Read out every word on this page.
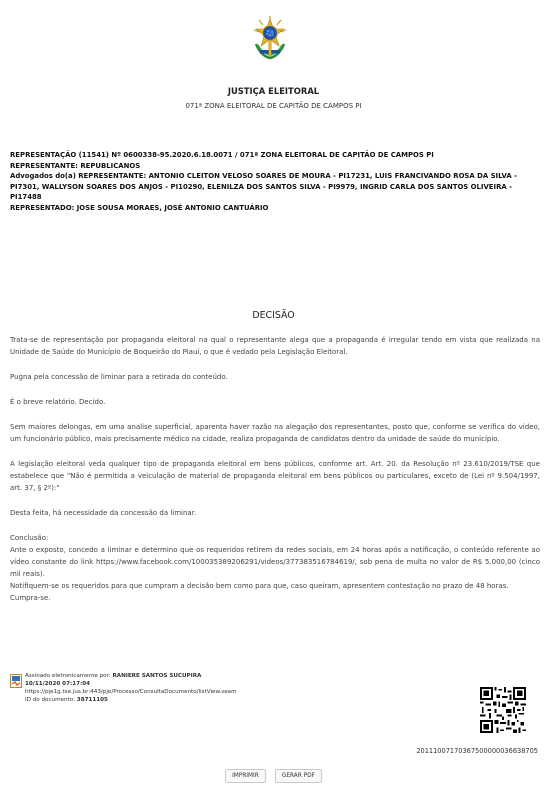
JUSTIÇA ELEITORAL
071ª ZONA ELEITORAL DE CAPITÃO DE CAMPOS PI
REPRESENTAÇÃO (11541) Nº 0600338-95.2020.6.18.0071 / 071ª ZONA ELEITORAL DE CAPITÃO DE CAMPOS PI
REPRESENTANTE: REPUBLICANOS
Advogados do(a) REPRESENTANTE: ANTONIO CLEITON VELOSO SOARES DE MOURA - PI17231, LUIS FRANCIVANDO ROSA DA SILVA - PI7301, WALLYSON SOARES DOS ANJOS - PI10290, ELENILZA DOS SANTOS SILVA - PI9979, INGRID CARLA DOS SANTOS OLIVEIRA - PI17488
REPRESENTADO: JOSE SOUSA MORAES, JOSÉ ANTONIO CANTUÁRIO
DECISÃO

Trata-se de representação por propaganda eleitoral na qual o representante alega que a propaganda é irregular tendo em vista que realizada na Unidade de Saúde do Município de Boqueirão do Piauí, o que é vedado pela Legislação Eleitoral.

Pugna pela concessão de liminar para a retirada do conteúdo.

É o breve relatório. Decido.

Sem maiores delongas, em uma analise superficial, aparenta haver razão na alegação dos representantes, posto que, conforme se verifica do vídeo, um funcionário público, mais precisamente médico na cidade, realiza propaganda de candidatos dentro da unidade de saúde do município.

A legislação eleitoral veda qualquer tipo de propaganda eleitoral em bens públicos, conforme art. Art. 20. da Resolução nº 23.610/2019/TSE que estabelece que "Não é permitida a veiculação de material de propaganda eleitoral em bens públicos ou particulares, exceto de (Lei nº 9.504/1997, art. 37, § 2º):"

Desta feita, há necessidade da concessão da liminar.

Conclusão:

Ante o exposto, concedo a liminar e determino que os requeridos retirem da redes sociais, em 24 horas após a notificação, o conteúdo referente ao vídeo constante do link https://www.facebook.com/100035389206291/videos/377383516784619/, sob pena de multa no valor de R$ 5.000,00 (cinco mil reais).

Notifiquem-se os requeridos para que cumpram a decisão bem como para que, caso queiram, apresentem contestação no prazo de 48 horas.

Cumpra-se.

Assinado eletronicamente por: RANIERE SANTOS SUCUPIRA
10/11/2020 07:17:04
https://pje1g.tse.jus.br:443/pje/Processo/ConsultaDocumento/listView.seam
ID do documento: 38711105
20111007170367500000036638705
IMPRIMIR	GERAR PDF
